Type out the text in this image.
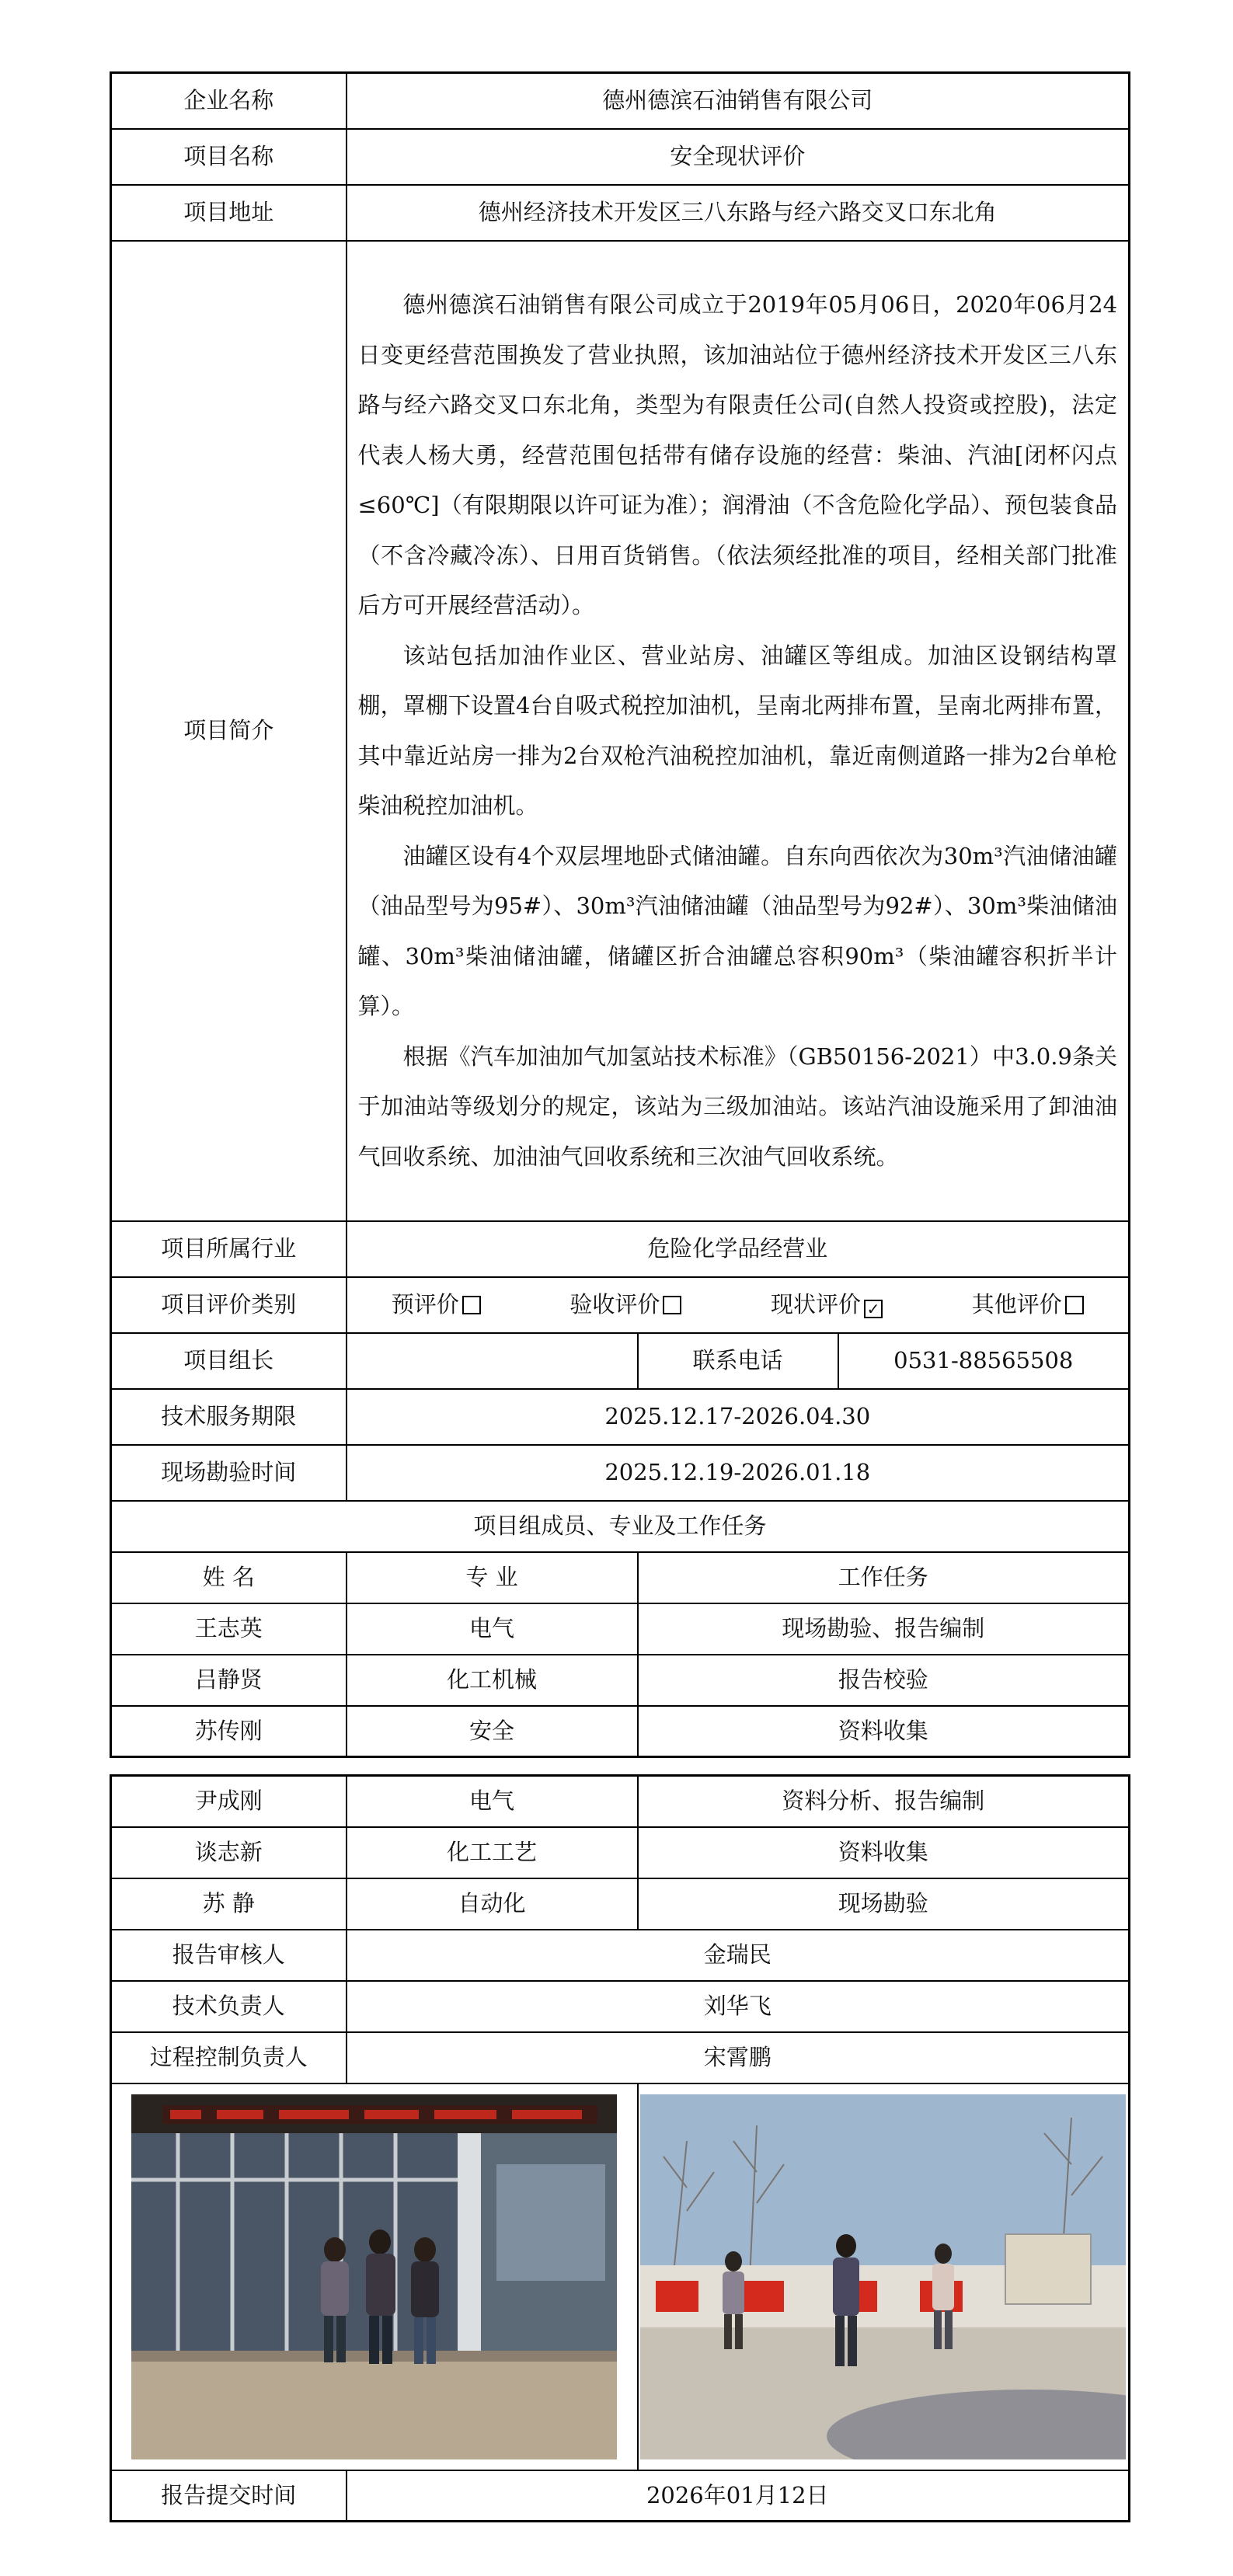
企业名称	德州德滨石油销售有限公司		
项目名称	安全现状评价		
项目地址	德州经济技术开发区三八东路与经六路交叉口东北角		
项目简介	德州德滨石油销售有限公司成立于2019年05月06日，2020年06月24日变更经营范围换发了营业执照，该加油站位于德州经济技术开发区三八东路与经六路交叉口东北角，类型为有限责任公司(自然人投资或控股)，法定代表人杨大勇，经营范围包括带有储存设施的经营：柴油、汽油[闭杯闪点≤60℃]（有限期限以许可证为准）；润滑油（不含危险化学品）、预包装食品（不含冷藏冷冻）、日用百货销售。（依法须经批准的项目，经相关部门批准后方可开展经营活动）。

该站包括加油作业区、营业站房、油罐区等组成。加油区设钢结构罩棚，罩棚下设置4台自吸式税控加油机，呈南北两排布置，呈南北两排布置，其中靠近站房一排为2台双枪汽油税控加油机，靠近南侧道路一排为2台单枪柴油税控加油机。

油罐区设有4个双层埋地卧式储油罐。自东向西依次为30m³汽油储油罐（油品型号为95#）、30m³汽油储油罐（油品型号为92#）、30m³柴油储油罐、30m³柴油储油罐，储罐区折合油罐总容积90m³（柴油罐容积折半计算）。

根据《汽车加油加气加氢站技术标准》（GB50156-2021）中3.0.9条关于加油站等级划分的规定，该站为三级加油站。该站汽油设施采用了卸油油气回收系统、加油油气回收系统和三次油气回收系统。		

项目所属行业	危险化学品经营业		
项目评价类别	预评价 验收评价 现状评价 ✓ 其他评价		

项目组长		联系电话	0531-88565508
技术服务期限	2025.12.17-2026.04.30		
现场勘验时间	2025.12.19-2026.01.18		
项目组成员、专业及工作任务			
姓 名	专 业	工作任务	
王志英	电气	现场勘验、报告编制	
吕静贤	化工机械	报告校验	
苏传刚	安全	资料收集	
尹成刚	电气	资料分析、报告编制
谈志新	化工工艺	资料收集
苏 静	自动化	现场勘验
报告审核人	金瑞民	
技术负责人	刘华飞	
过程控制负责人	宋霄鹏	

报告提交时间	2026年01月12日	
